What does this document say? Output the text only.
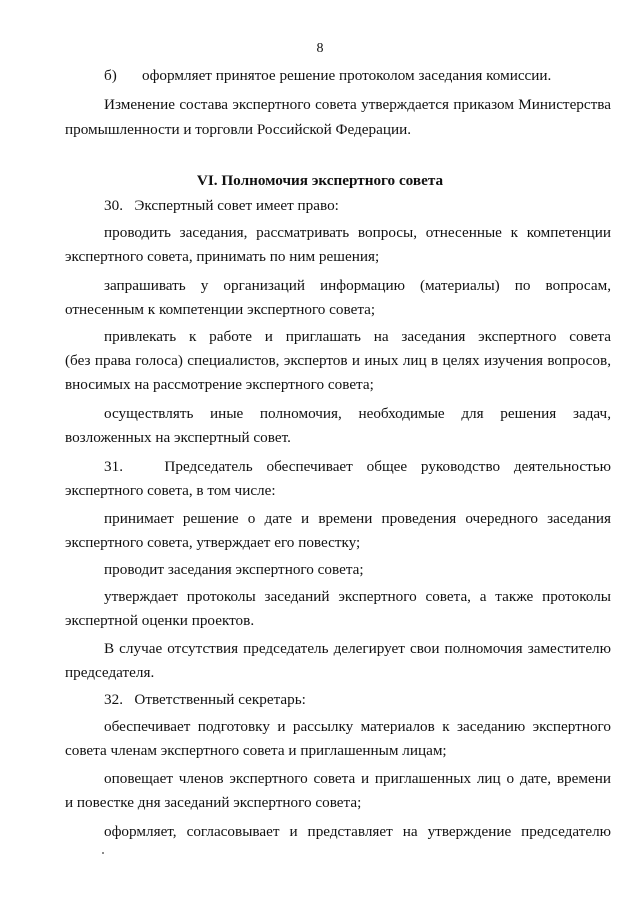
8
б) оформляет принятое решение протоколом заседания комиссии.
Изменение состава экспертного совета утверждается приказом Министерства
промышленности и торговли Российской Федерации.
VI. Полномочия экспертного совета
30.   Экспертный совет имеет право:
проводить заседания, рассматривать вопросы, отнесенные к компетенции
экспертного совета, принимать по ним решения;
запрашивать у организаций информацию (материалы) по вопросам,
отнесенным к компетенции экспертного совета;
привлекать к работе и приглашать на заседания экспертного совета
(без права голоса) специалистов, экспертов и иных лиц в целях изучения вопросов,
вносимых на рассмотрение экспертного совета;
осуществлять иные полномочия, необходимые для решения задач,
возложенных на экспертный совет.
31.   Председатель обеспечивает общее руководство деятельностью
экспертного совета, в том числе:
принимает решение о дате и времени проведения очередного заседания
экспертного совета, утверждает его повестку;
проводит заседания экспертного совета;
утверждает протоколы заседаний экспертного совета, а также протоколы
экспертной оценки проектов.
В случае отсутствия председатель делегирует свои полномочия заместителю
председателя.
32.   Ответственный секретарь:
обеспечивает подготовку и рассылку материалов к заседанию экспертного
совета членам экспертного совета и приглашенным лицам;
оповещает членов экспертного совета и приглашенных лиц о дате, времени
и повестке дня заседаний экспертного совета;
оформляет, согласовывает и представляет на утверждение председателю
